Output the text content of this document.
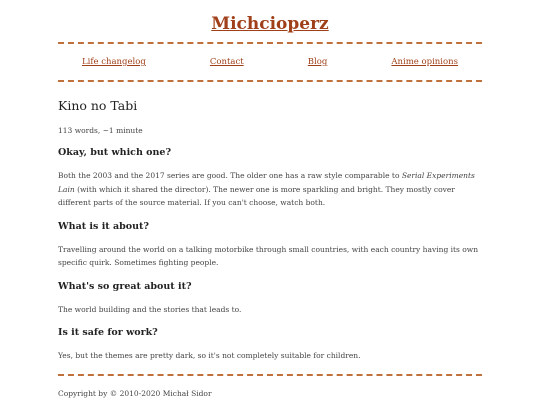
Michcioperz
Life changelog	Contact	Blog	Anime opinions
Kino no Tabi
113 words, ~1 minute
Okay, but which one?

Both the 2003 and the 2017 series are good. The older one has a raw style comparable to Serial Experiments Lain (with which it shared the director). The newer one is more sparkling and bright. They mostly cover different parts of the source material. If you can't choose, watch both.

What is it about?

Travelling around the world on a talking motorbike through small countries, with each country having its own specific quirk. Sometimes fighting people.

What's so great about it?

The world building and the stories that leads to.

Is it safe for work?

Yes, but the themes are pretty dark, so it's not completely suitable for children.

Copyright by © 2010-2020 Michał Sidor
